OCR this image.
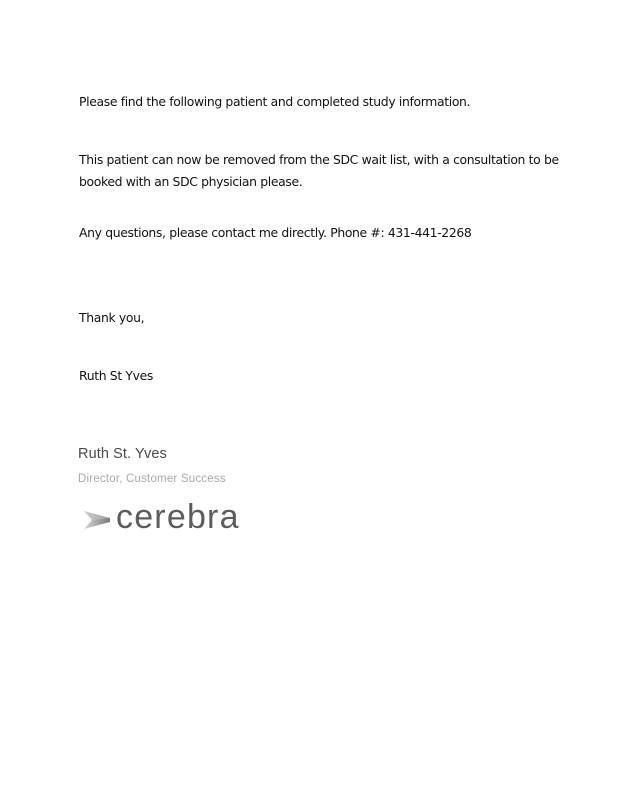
Please find the following patient and completed study information.

This patient can now be removed from the SDC wait list, with a consultation to be
booked with an SDC physician please.

Any questions, please contact me directly. Phone #: 431-441-2268

Thank you,

Ruth St Yves

Ruth St. Yves
Director, Customer Success
cerebra
